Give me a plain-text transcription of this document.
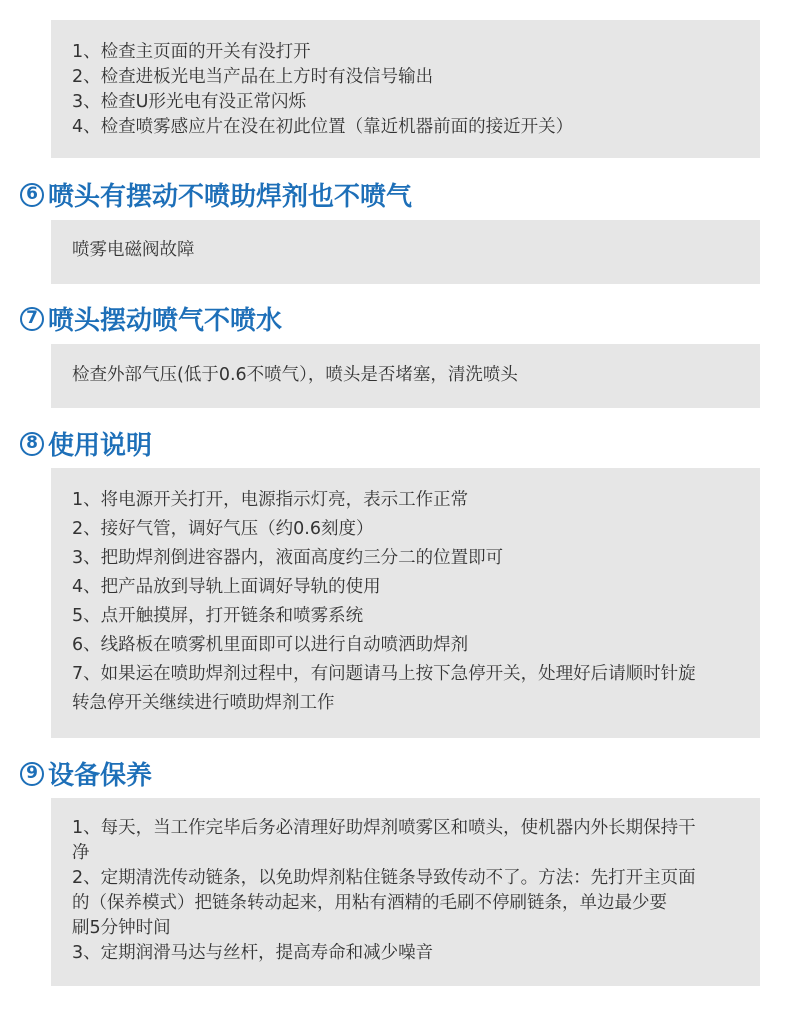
1、检查主页面的开关有没打开
2、检查进板光电当产品在上方时有没信号输出
3、检查U形光电有没正常闪烁
4、检查喷雾感应片在没在初此位置（靠近机器前面的接近开关）
6 喷头有摆动不喷助焊剂也不喷气
喷雾电磁阀故障
7 喷头摆动喷气不喷水
检查外部气压(低于0.6不喷气），喷头是否堵塞，清洗喷头
8 使用说明
1、将电源开关打开，电源指示灯亮，表示工作正常
2、接好气管，调好气压（约0.6刻度）
3、把助焊剂倒进容器内，液面高度约三分二的位置即可
4、把产品放到导轨上面调好导轨的使用
5、点开触摸屏，打开链条和喷雾系统
6、线路板在喷雾机里面即可以进行自动喷洒助焊剂
7、如果运在喷助焊剂过程中，有问题请马上按下急停开关，处理好后请顺时针旋
转急停开关继续进行喷助焊剂工作
9 设备保养
1、每天，当工作完毕后务必清理好助焊剂喷雾区和喷头，使机器内外长期保持干
净
2、定期清洗传动链条，以免助焊剂粘住链条导致传动不了。方法：先打开主页面
的（保养模式）把链条转动起来，用粘有酒精的毛刷不停刷链条，单边最少要
刷5分钟时间
3、定期润滑马达与丝杆，提高寿命和减少噪音
